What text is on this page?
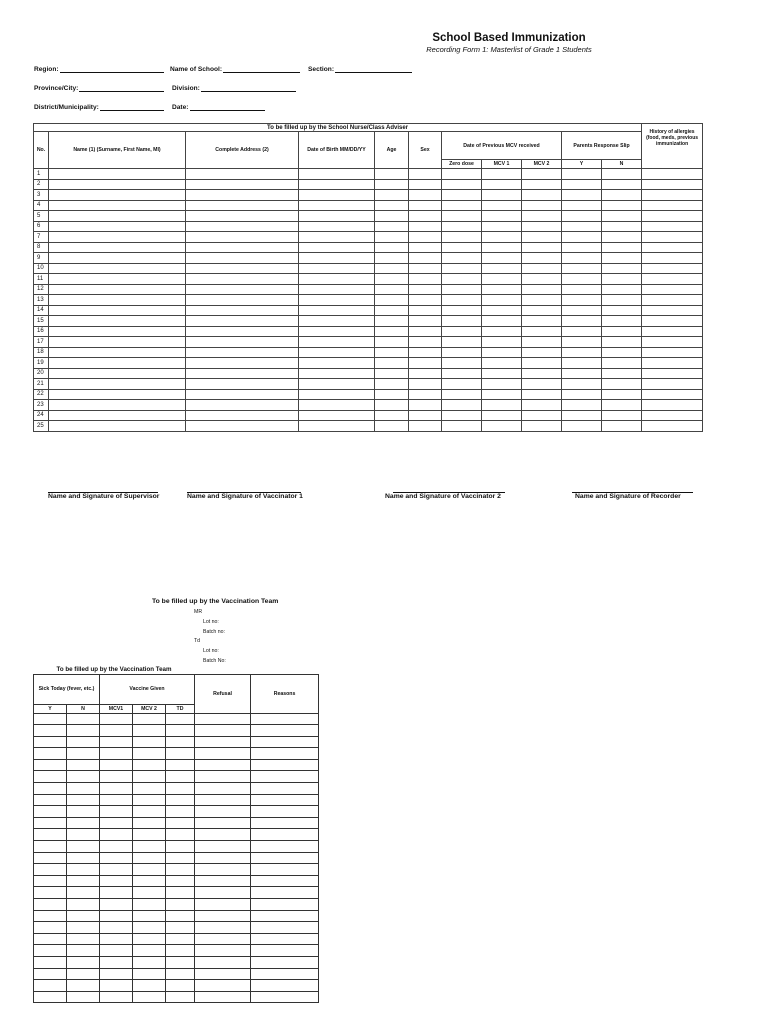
School Based Immunization
Recording Form 1: Masterlist of Grade 1 Students
Region:	Name of School:	Section:
Province/City:	Division:
District/Municipality:	Date:
To be filled up by the School Nurse/Class Adviser											History of allergies (food, meds, previous immunization
No.	Name (1) (Surname, First Name, MI)	Complete Address (2)	Date of Birth MM/DD/YY	Age	Sex	Date of Previous MCV received			Parents Response Slip		
						Zero dose	MCV 1	MCV 2	Y	N	
1											
2											
3											
4											
5											
6											
7											
8											
9											
10											
11											
12											
13											
14											
15											
16											
17											
18											
19											
20											
21											
22											
23											
24											
25											
Name and Signature of Supervisor	Name and Signature of Vaccinator 1	Name and Signature of Vaccinator 2	Name and Signature of Recorder
To be filled up by the Vaccination Team
MR
Lot no:
Batch no:
Td
Lot no:
Batch No:
To be filled up by the Vaccination Team						
Sick Today (fever, etc.)		Vaccine Given			Refusal	Reasons
Y	N	MCV1	MCV 2	TD		
